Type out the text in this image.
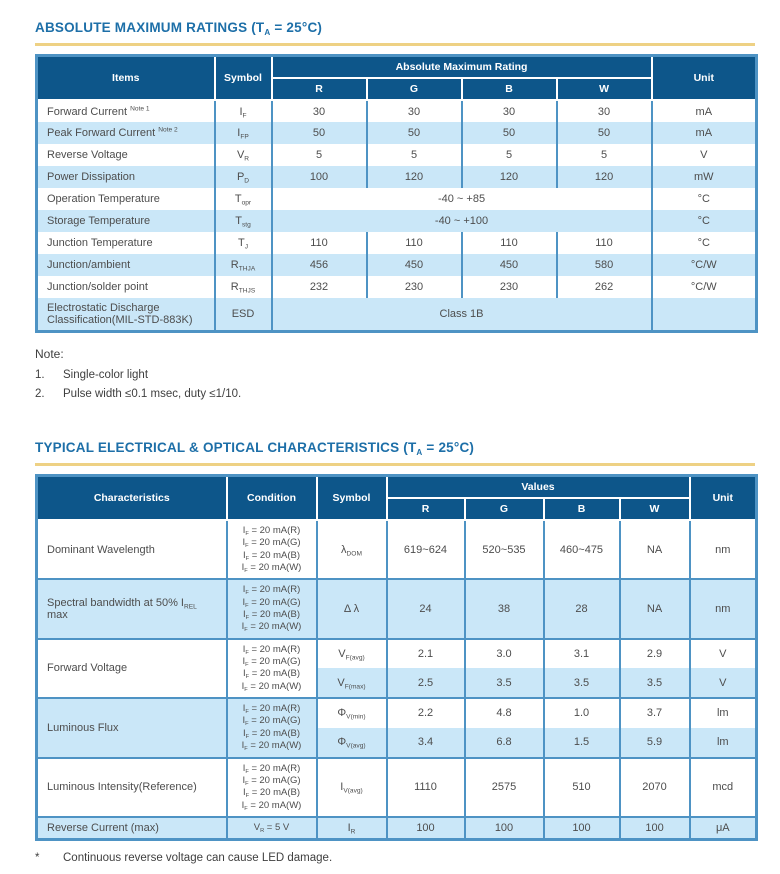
ABSOLUTE MAXIMUM RATINGS $(T_A = 25^\circ C)$
Items	Symbol	Absolute Maximum Rating				Unit
		R	G	B	W	
Forward Current $^{Note 1}$	$I_F$	30	30	30	30	mA
Peak Forward Current $^{Note 2}$	$I_{FP}$	50	50	50	50	mA
Reverse Voltage	$V_R$	5	5	5	5	V
Power Dissipation	$P_D$	100	120	120	120	mW
Operation Temperature	$T_{opr}$	-40 ~ +85				°C
Storage Temperature	$T_{stg}$	-40 ~ +100				°C
Junction Temperature	$T_J$	110	110	110	110	°C
Junction/ambient	$R_{THJA}$	456	450	450	580	°C/W
Junction/solder point	$R_{THJS}$	232	230	230	262	°C/W
Electrostatic Discharge Classification(MIL-STD-883K)	ESD	Class 1B				
Note:
1.	Single-color light
2.	Pulse width ≤0.1 msec, duty ≤1/10.
TYPICAL ELECTRICAL & OPTICAL CHARACTERISTICS $(T_A = 25^\circ C)$
Characteristics	Condition	Symbol	Values				Unit
			R	G	B	W	
Dominant Wavelength	$I_F = 20$ mA(R)
$I_F = 20$ mA(G)
$I_F = 20$ mA(B)
$I_F = 20$ mA(W)	$\lambda_{DOM}$	619~624	520~535	460~475	NA	nm
Spectral bandwidth at 50% $I_{REL}$ max	$I_F = 20$ mA(R)
$I_F = 20$ mA(G)
$I_F = 20$ mA(B)
$I_F = 20$ mA(W)	Δ λ	24	38	28	NA	nm
Forward Voltage	$I_F = 20$ mA(R)
$I_F = 20$ mA(G)
$I_F = 20$ mA(B)
$I_F = 20$ mA(W)	$V_{F(avg)}$	2.1	3.0	3.1	2.9	V
		$V_{F(max)}$	2.5	3.5	3.5	3.5	V
Luminous Flux	$I_F = 20$ mA(R)
$I_F = 20$ mA(G)
$I_F = 20$ mA(B)
$I_F = 20$ mA(W)	$\Phi_{V(min)}$	2.2	4.8	1.0	3.7	lm
		$\Phi_{V(avg)}$	3.4	6.8	1.5	5.9	lm
Luminous Intensity(Reference)	$I_F = 20$ mA(R)
$I_F = 20$ mA(G)
$I_F = 20$ mA(B)
$I_F = 20$ mA(W)	$I_{V(avg)}$	1110	2575	510	2070	mcd
Reverse Current (max)	$V_R = 5$ V	$I_R$	100	100	100	100	μA
*	Continuous reverse voltage can cause LED damage.
